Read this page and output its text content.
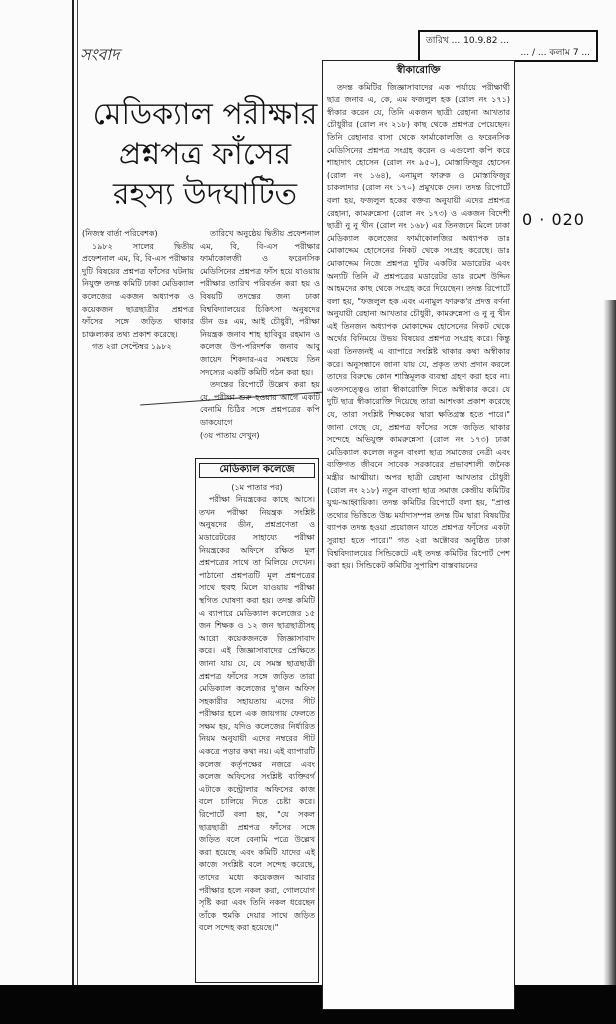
সংবাদ
তারিখ ... 10.9.82 ...
... / ... কলাম 7 ...
মেডিক্যাল পরীক্ষার প্রশ্নপত্র ফাঁসের রহস্য উদঘাটিত
(নিজস্ব বার্তা পরিবেশক)

১৯৮২ সালের দ্বিতীয় প্রফেশনাল এম, বি, বি-এস পরীক্ষার দুটি বিষয়ের প্রশ্নপত্র ফাঁসের ঘটনায় নিযুক্ত তদন্ত কমিটি ঢাকা মেডিক্যাল কলেজের একজন অধ্যাপক ও কয়েকজন ছাত্রছাত্রীর প্রশ্নপত্র ফাঁসের সঙ্গে জড়িত থাকার চাঞ্চল্যকর তথ্য প্রকাশ করেছে।

গত ২রা সেপ্টেম্বর ১৯৮২

তারিখে অনুষ্ঠেয় দ্বিতীয় প্রফেশনাল এম, বি, বি-এস পরীক্ষার ফার্মাকোলজী ও ফরেনসিক মেডিসিনের প্রশ্নপত্র ফাঁস হয়ে যাওয়ায় পরীক্ষার তারিখ পরিবর্তন করা হয় ও বিষয়টি তদন্তের জন্য ঢাকা বিশ্ববিদ্যালয়ের চিকিৎসা অনুষদের ডীন ডঃ এম, আই চৌধুরী, পরীক্ষা নিয়ন্ত্রক জনাব শাহ হাবিবুর রহমান ও কলেজ উপ-পরিদর্শক জনাব আবু জায়েদ শিকদার-এর সমন্বয়ে তিন সদস্যের একটি কমিটি গঠন করা হয়।

তদন্তের রিপোর্টে উল্লেখ করা হয় যে, পরীক্ষা শুরু হওয়ার আগে একটি বেনামি চিঠির সঙ্গে প্রশ্নপত্রের কপি ডাকযোগে

(৩য় পাতায় দেখুন)
মেডিক্যাল কলেজে
(১ম পাতার পর)

পরীক্ষা নিয়ন্ত্রকের কাছে আসে। তখন পরীক্ষা নিয়ন্ত্রক সংশ্লিষ্ট অনুষদের ডীন, প্রশ্নপ্রণেতা ও মডারেটরের সাহায্যে পরীক্ষা নিয়ন্ত্রকের অফিসে রক্ষিত মূল প্রশ্নপত্রের সাথে তা মিলিয়ে দেখেন। পাঠানো প্রশ্নপত্রটি মূল প্রশ্নপত্রের সাথে হুবহু মিলে যাওয়ায় পরীক্ষা স্থগিত ঘোষণা করা হয়। তদন্ত কমিটি এ ব্যাপারে মেডিক্যাল কলেজের ১৫ জন শিক্ষক ও ১২ জন ছাত্রছাত্রীসহ আরো কয়েকজনকে জিজ্ঞাসাবাদ করে। এই জিজ্ঞাসাবাদের প্রেক্ষিতে জানা যায় যে, যে সমস্ত ছাত্রছাত্রী প্রশ্নপত্র ফাঁসের সঙ্গে জড়িত তারা মেডিক্যাল কলেজের দু'জন অফিস সহকারীর সহায়তায় এদের সীট পরীক্ষার হলে এক জায়গায় ফেলতে সক্ষম হয়, যদিও কলেজের নির্ধারিত নিয়ম অনুযায়ী এদের নম্বরের সীট একত্রে পড়ার কথা নয়। এই ব্যাপারটি কলেজ কর্তৃপক্ষের নজরে এবং কলেজ অফিসের সংশ্লিষ্ট ব্যক্তিবর্গ এটাকে কন্ট্রোলার অফিসের কাজ বলে চালিয়ে দিতে চেষ্টা করে। রিপোর্টে বলা হয়, "যে সকল ছাত্রছাত্রী প্রশ্নপত্র ফাঁসের সঙ্গে জড়িত বলে বেনামি পত্রে উল্লেখ করা হয়েছে এবং কমিটি যাদের এই কাজে সংশ্লিষ্ট বলে সন্দেহ করেছে, তাদের মধ্যে কয়েকজন আবার পরীক্ষার হলে নকল করা, গোলযোগ সৃষ্টি করা এবং তিনি নকল ধরেছেন তাঁকে হুমকি দেয়ার সাথে জড়িত বলে সন্দেহ করা হয়েছে।"

স্বীকারোক্তি

তদন্ত কমিটির জিজ্ঞাসাবাদের এক পর্যায়ে পরীক্ষার্থী ছাত্র জনাব এ, কে, এম ফজলুল হক (রোল নং ১৭১) স্বীকার করেন যে, তিনি একজন ছাত্রী রেহানা আখতার চৌধুরীর (রোল নং ২১৮) কাছ থেকে প্রশ্নপত্র পেয়েছেন। তিনি রেহানার বাসা থেকে ফার্মাকোলজি ও ফরেনসিক মেডিসিনের প্রশ্নপত্র সংগ্রহ করেন ও এগুলো কপি করে শাহাদাৎ হোসেন (রোল নং ৯৫০), মোস্তাফিজুর হোসেন (রোল নং ১৬৪), এনামুল ফারুক ও মোস্তাফিজুর চাকলাদার (রোল নং ১৭০) প্রমুখকে দেন। তদন্ত রিপোর্টে বলা হয়, ফজলুল হকের বক্তব্য অনুযায়ী এদের প্রশ্নপত্র রেহানা, কামরুন্নেসা (রোল নং ১৭৩) ও একজন বিদেশী ছাত্রী নু নু খীন (রোল নং ১৬৮) এর তিনজনে মিলে ঢাকা মেডিক্যাল কলেজের ফার্মাকোলজির অধ্যাপক ডাঃ মোকাদ্দেম হোসেনের নিকট থেকে সংগ্রহ করেছে। ডাঃ মোকাদ্দেম নিজে প্রশ্নপত্র দুটির একটির মডারেটর এবং অন্যটি তিনি ঐ প্রশ্নপত্রের মডারেটর ডাঃ রমেশ উদ্দিন আহমদের কাছ থেকে সংগ্রহ করে দিয়েছেন। তদন্ত রিপোর্টে বলা হয়, "ফজলুল হক এবং এনামুল ফারুক'র প্রদত্ত বর্ণনা অনুযায়ী রেহানা আখতার চৌধুরী, কামরুন্নেসা ও নু নু খীন এই তিনজন অধ্যাপক মোকাদ্দেম হোসেনের নিকট থেকে অর্থের বিনিময়ে উভয় বিষয়ের প্রশ্নপত্র সংগ্রহ করে। কিন্তু এরা তিনজনই এ ব্যাপারে সংশ্লিষ্ট থাকার কথা অস্বীকার করে। অনুসন্ধানে জানা যায় যে, প্রকৃত তথ্য প্রদান করলে তাদের বিরুদ্ধে কোন শাস্তিমূলক ব্যবস্থা গ্রহণ করা হবে না। এতদসত্ত্বেও তারা স্বীকারোক্তি দিতে অস্বীকার করে। যে দুটি ছাত্র স্বীকারোক্তি দিয়েছে তারা আশংকা প্রকাশ করেছে যে, তারা সংশ্লিষ্ট শিক্ষকের দ্বারা ক্ষতিগ্রস্ত হতে পারে।" জানা গেছে যে, প্রশ্নপত্র ফাঁসের সঙ্গে জড়িত থাকার সন্দেহে অভিযুক্ত কামরুন্নেসা (রোল নং ১৭৩) ঢাকা মেডিক্যাল কলেজ নতুন বাংলা ছাত্র সমাজের নেত্রী এবং ব্যক্তিগত জীবনে সাবেক সরকারের প্রভাবশালী জনৈক মন্ত্রীর আত্মীয়া। অপর ছাত্রী রেহানা আখতার চৌধুরী (রোল নং ২১৮) নতুন বাংলা ছাত্র সমাজ কেন্দ্রীয় কমিটির যুগ্ম-আহ্বায়িকা। তদন্ত কমিটির রিপোর্টে বলা হয়, "প্রাপ্ত তথ্যের ভিত্তিতে উচ্চ মর্যাদাসম্পন্ন তদন্ত টিম দ্বারা বিষয়টির ব্যাপক তদন্ত হওয়া প্রয়োজন যাতে প্রশ্নপত্র ফাঁসের একটা সুরাহা হতে পারে।" গত ২রা অক্টোবর অনুষ্ঠিত ঢাকা বিশ্ববিদ্যালয়ের সিন্ডিকেটে এই তদন্ত কমিটির রিপোর্ট পেশ করা হয়। সিন্ডিকেট কমিটির সুপারিশ বাস্তবায়নের

0 · 020
